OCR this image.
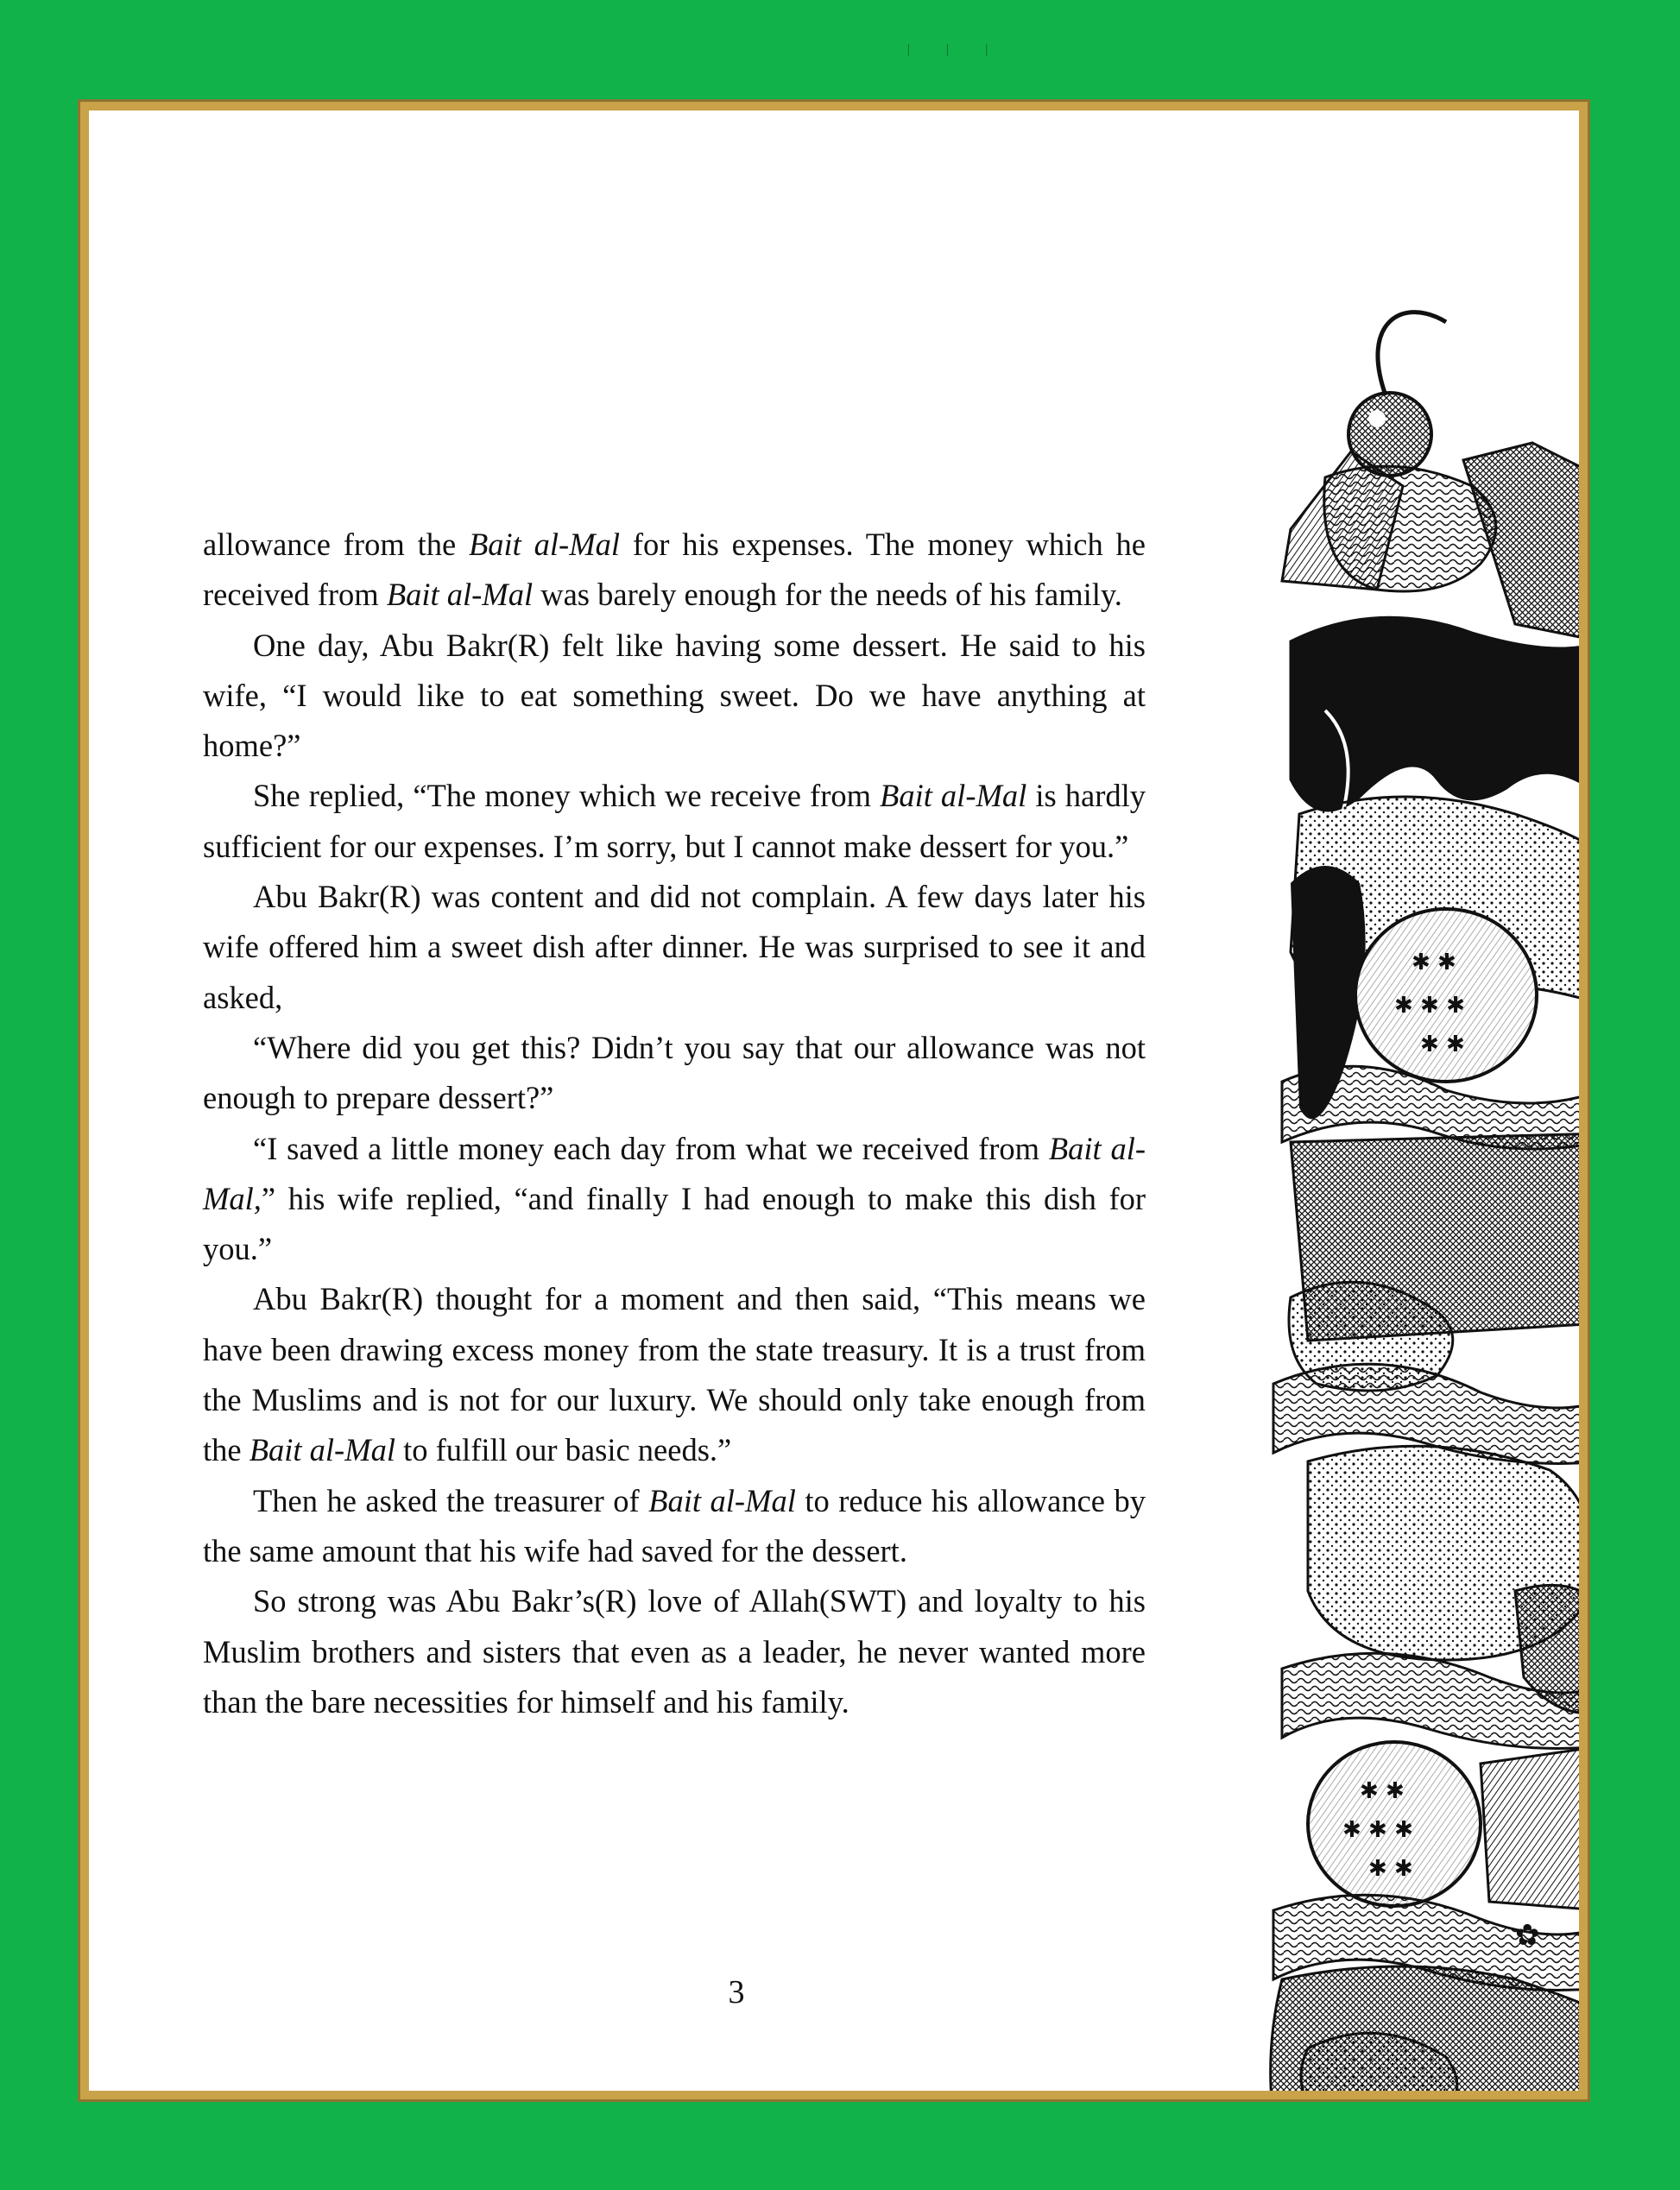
| | |

allowance from the Bait al-Mal for his expenses. The money which he received from Bait al-Mal was barely enough for the needs of his family.

One day, Abu Bakr(R) felt like having some dessert. He said to his wife, “I would like to eat something sweet. Do we have anything at home?”

She replied, “The money which we receive from Bait al-Mal is hardly sufficient for our expenses. I’m sorry, but I cannot make dessert for you.”

Abu Bakr(R) was content and did not complain. A few days later his wife offered him a sweet dish after dinner. He was surprised to see it and asked,

“Where did you get this? Didn’t you say that our allowance was not enough to prepare dessert?”

“I saved a little money each day from what we received from Bait al-Mal,” his wife replied, “and finally I had enough to make this dish for you.”

Abu Bakr(R) thought for a moment and then said, “This means we have been drawing excess money from the state treasury. It is a trust from the Muslims and is not for our luxury. We should only take enough from the Bait al-Mal to fulfill our basic needs.”

Then he asked the treasurer of Bait al-Mal to reduce his allowance by the same amount that his wife had saved for the dessert.

So strong was Abu Bakr’s(R) love of Allah(SWT) and loyalty to his Muslim brothers and sisters that even as a leader, he never wanted more than the bare necessities for himself and his family.

3
✱ ✱
✱ ✱ ✱
✱ ✱
✱ ✱
✱ ✱ ✱
✱ ✱
✿
